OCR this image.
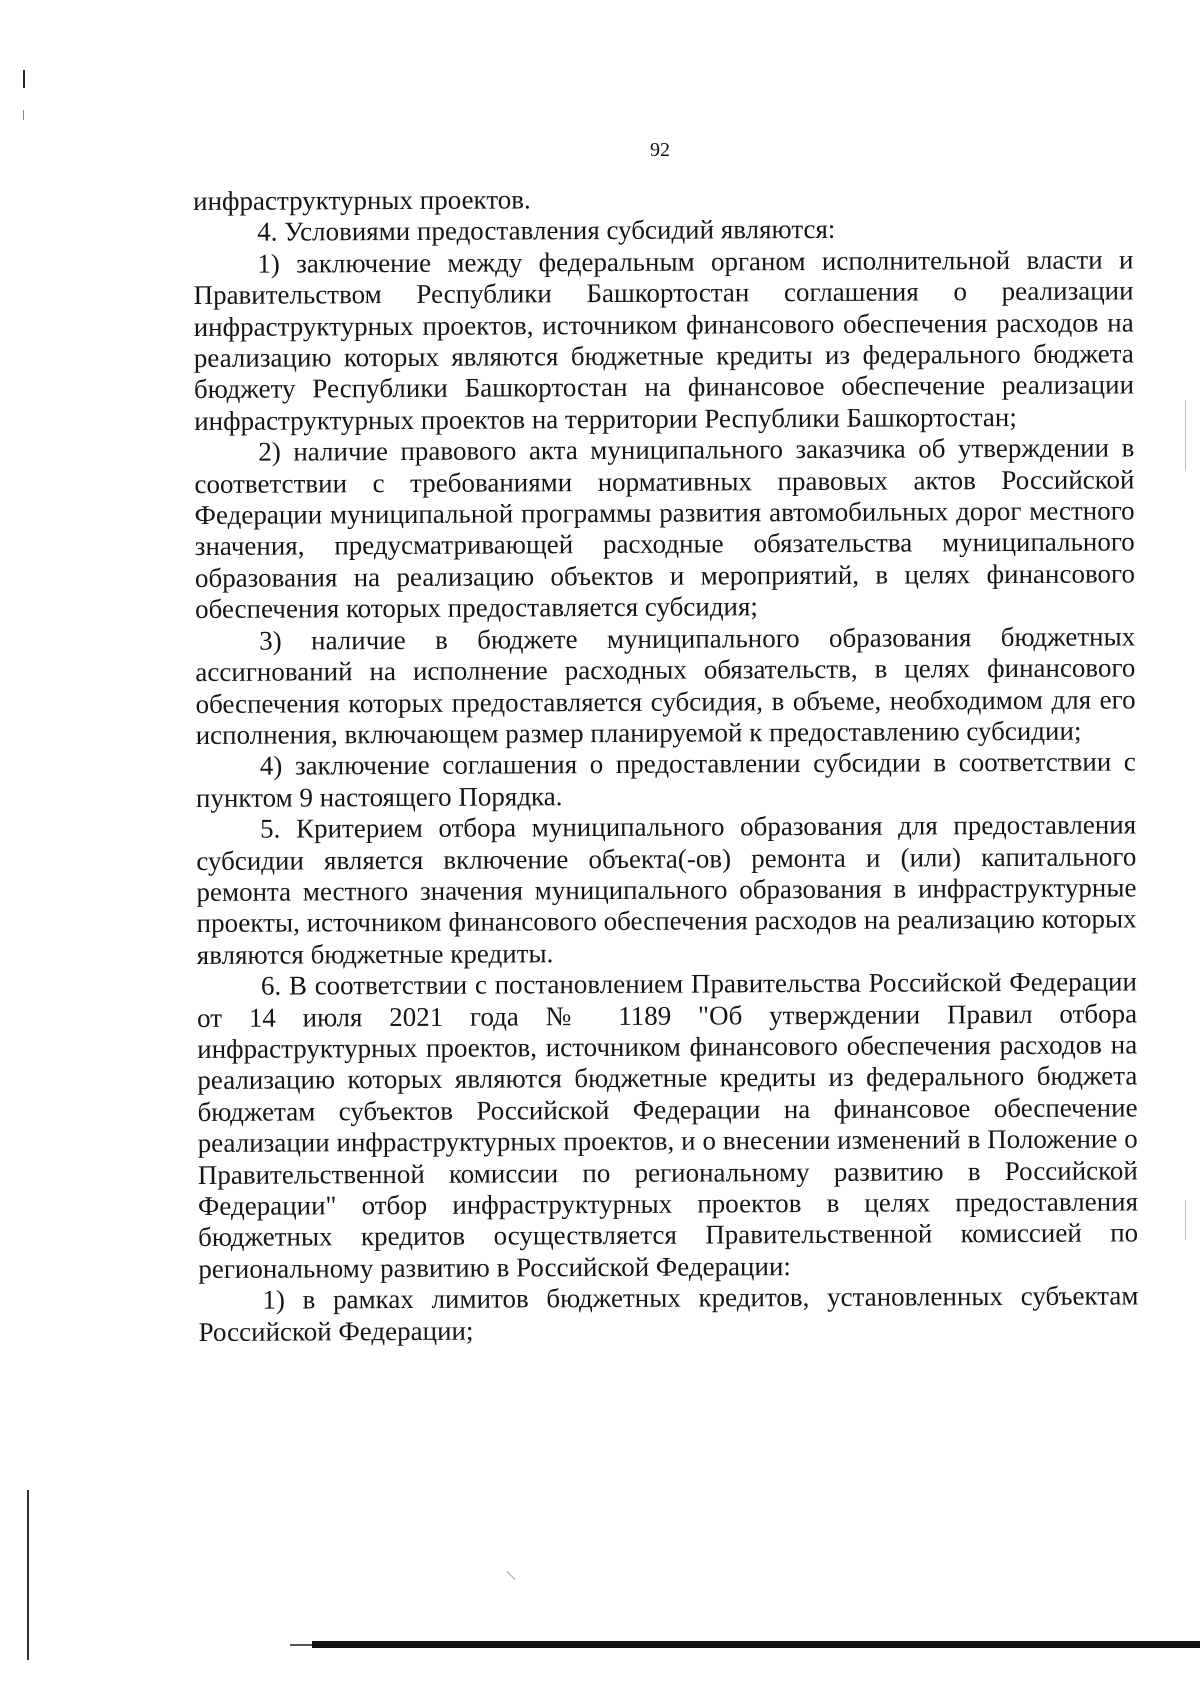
92

инфраструктурных проектов.

4. Условиями предоставления субсидий являются:

1) заключение между федеральным органом исполнительной власти и Правительством Республики Башкортостан соглашения о реализации инфраструктурных проектов, источником финансового обеспечения расходов на реализацию которых являются бюджетные кредиты из федерального бюджета бюджету Республики Башкортостан на финансовое обеспечение реализации инфраструктурных проектов на территории Республики Башкортостан;

2) наличие правового акта муниципального заказчика об утверждении в соответствии с требованиями нормативных правовых актов Российской Федерации муниципальной программы развития автомобильных дорог местного значения, предусматривающей расходные обязательства муниципального образования на реализацию объектов и мероприятий, в целях финансового обеспечения которых предоставляется субсидия;

3) наличие в бюджете муниципального образования бюджетных ассигнований на исполнение расходных обязательств, в целях финансового обеспечения которых предоставляется субсидия, в объеме, необходимом для его исполнения, включающем размер планируемой к предоставлению субсидии;

4) заключение соглашения о предоставлении субсидии в соответствии с пунктом 9 настоящего Порядка.

5. Критерием отбора муниципального образования для предоставления субсидии является включение объекта(-ов) ремонта и (или) капитального ремонта местного значения муниципального образования в инфраструктурные проекты, источником финансового обеспечения расходов на реализацию которых являются бюджетные кредиты.

6. В соответствии с постановлением Правительства Российской Федерации от 14 июля 2021 года № 1189 "Об утверждении Правил отбора инфраструктурных проектов, источником финансового обеспечения расходов на реализацию которых являются бюджетные кредиты из федерального бюджета бюджетам субъектов Российской Федерации на финансовое обеспечение реализации инфраструктурных проектов, и о внесении изменений в Положение о Правительственной комиссии по региональному развитию в Российской Федерации" отбор инфраструктурных проектов в целях предоставления бюджетных кредитов осуществляется Правительственной комиссией по региональному развитию в Российской Федерации:

1) в рамках лимитов бюджетных кредитов, установленных субъектам Российской Федерации;
